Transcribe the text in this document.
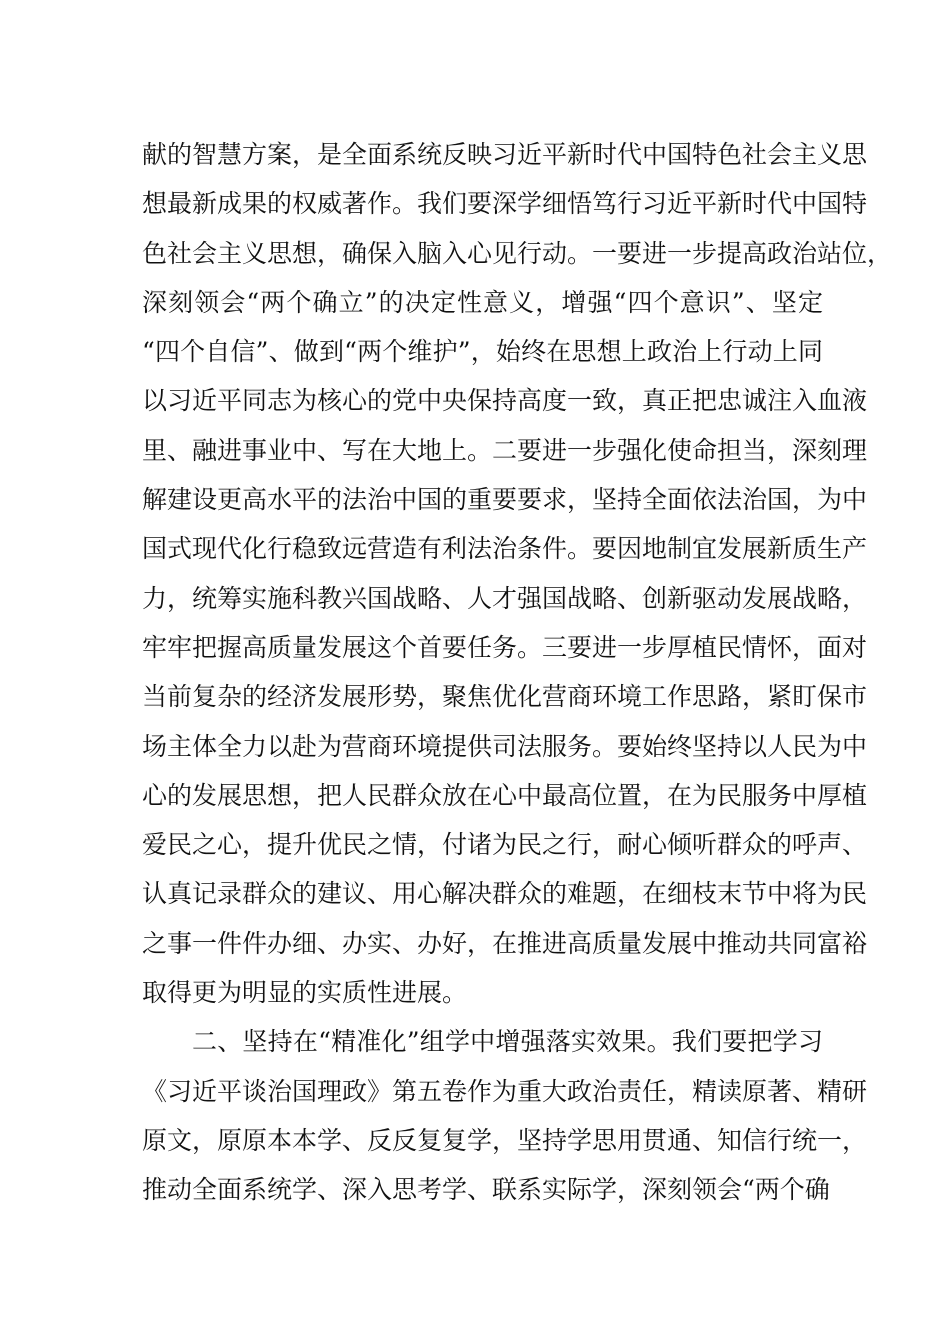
献的智慧方案，是全面系统反映习近平新时代中国特色社会主义思
想最新成果的权威著作。我们要深学细悟笃行习近平新时代中国特
色社会主义思想，确保入脑入心见行动。一要进一步提高政治站位，
深刻领会“两个确立”的决定性意义，增强“四个意识”、坚定
“四个自信”、做到“两个维护”，始终在思想上政治上行动上同
以习近平同志为核心的党中央保持高度一致，真正把忠诚注入血液
里、融进事业中、写在大地上。二要进一步强化使命担当，深刻理
解建设更高水平的法治中国的重要要求，坚持全面依法治国，为中
国式现代化行稳致远营造有利法治条件。要因地制宜发展新质生产
力，统筹实施科教兴国战略、人才强国战略、创新驱动发展战略，
牢牢把握高质量发展这个首要任务。三要进一步厚植民情怀，面对
当前复杂的经济发展形势，聚焦优化营商环境工作思路，紧盯保市
场主体全力以赴为营商环境提供司法服务。要始终坚持以人民为中
心的发展思想，把人民群众放在心中最高位置，在为民服务中厚植
爱民之心，提升优民之情，付诸为民之行，耐心倾听群众的呼声、
认真记录群众的建议、用心解决群众的难题，在细枝末节中将为民
之事一件件办细、办实、办好，在推进高质量发展中推动共同富裕
取得更为明显的实质性进展。
二、坚持在“精准化”组学中增强落实效果。我们要把学习
《习近平谈治国理政》第五卷作为重大政治责任，精读原著、精研
原文，原原本本学、反反复复学，坚持学思用贯通、知信行统一，
推动全面系统学、深入思考学、联系实际学，深刻领会“两个确
